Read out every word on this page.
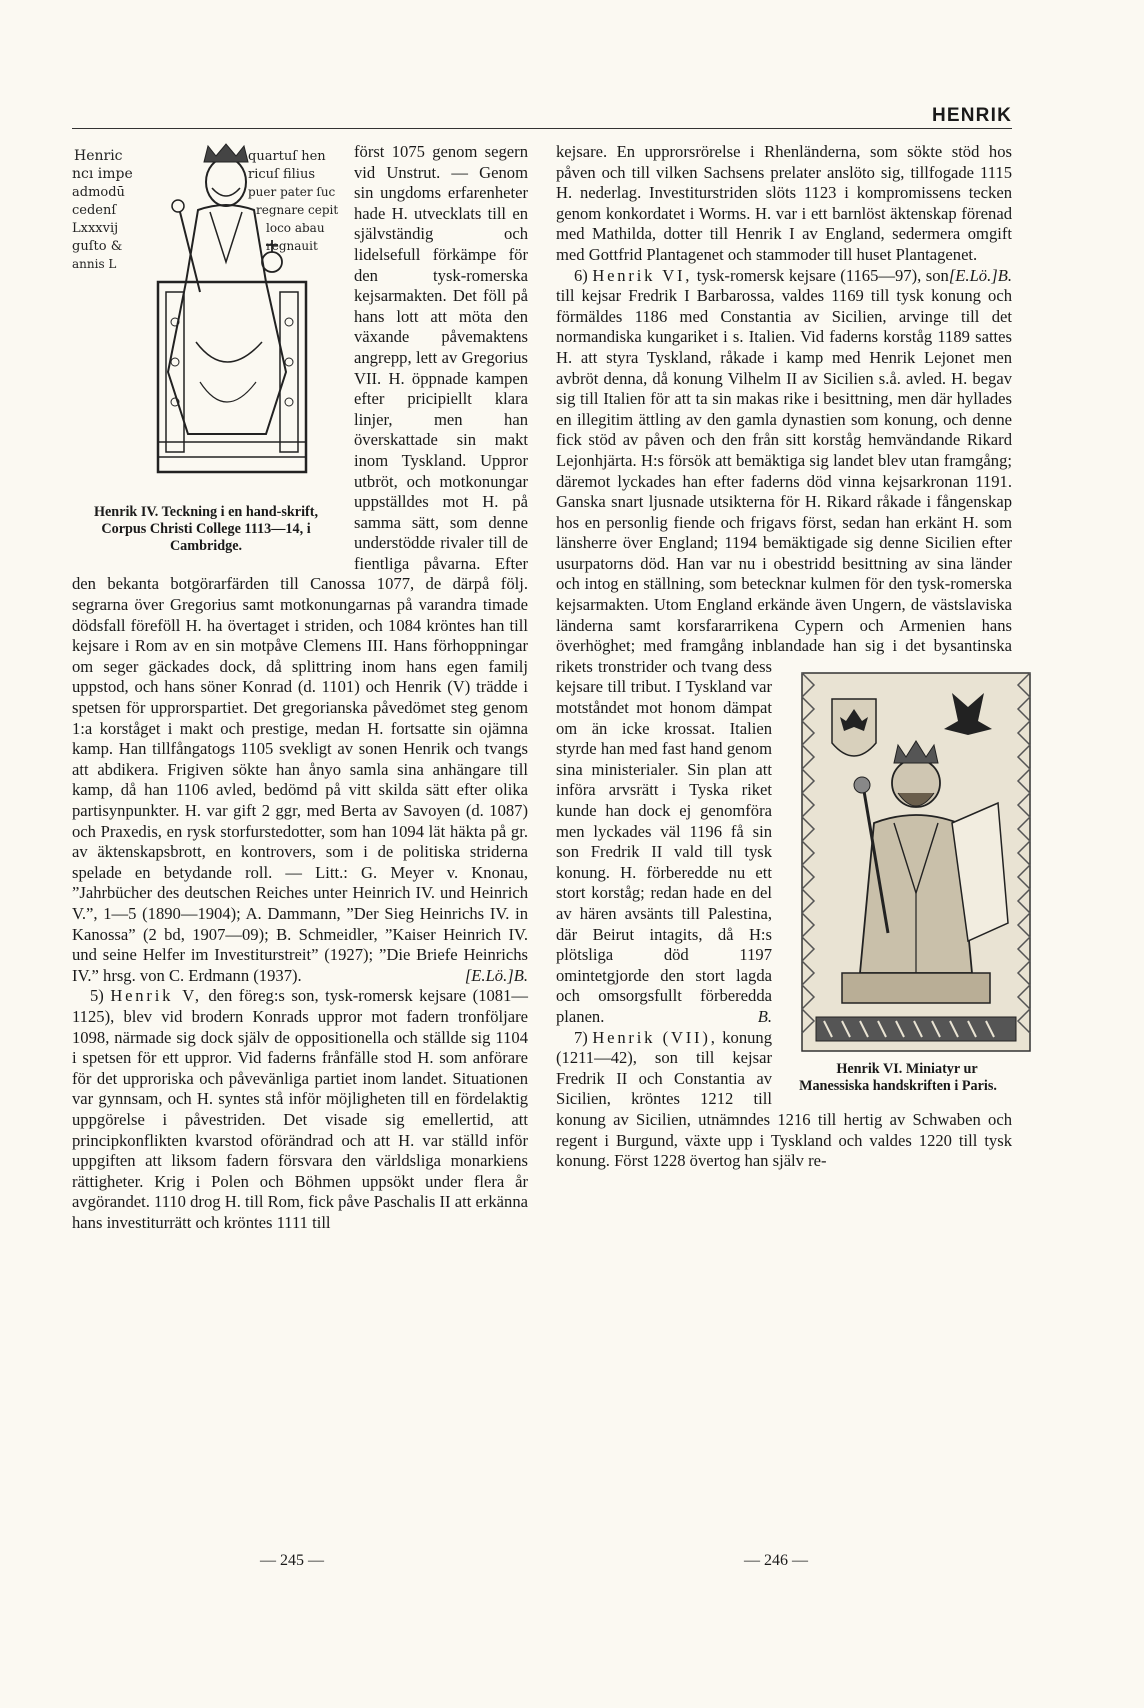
HENRIK
Henric
ncı impe
admodū
cedenſ
Lxxxvij
guſto &
annis L
quartuſ hen
ricuſ filius
puer pater ſuc
regnare cepit
loco abau
regnauit
Henrik IV. Teckning i en hand-skrift, Corpus Christi College 1113—14, i Cambridge.

först 1075 genom segern vid Unstrut. — Genom sin ungdoms erfarenheter hade H. utvecklats till en självständig och lidelsefull förkämpe för den tysk-romerska kejsarmakten. Det föll på hans lott att möta den växande påvemaktens angrepp, lett av Gregorius VII. H. öppnade kampen efter pricipiellt klara linjer, men han överskattade sin makt inom Tyskland. Uppror utbröt, och motkonungar uppställdes mot H. på samma sätt, som denne understödde rivaler till de fientliga påvarna. Efter den bekanta botgörarfärden till Canossa 1077, de därpå följ. segrarna över Gregorius samt motkonungarnas på varandra timade dödsfall föreföll H. ha övertaget i striden, och 1084 kröntes han till kejsare i Rom av en sin motpåve Clemens III. Hans förhoppningar om seger gäckades dock, då splittring inom hans egen familj uppstod, och hans söner Konrad (d. 1101) och Henrik (V) trädde i spetsen för upprorspartiet. Det gregorianska påvedömet steg genom 1:a korståget i makt och prestige, medan H. fortsatte sin ojämna kamp. Han tillfångatogs 1105 svekligt av sonen Henrik och tvangs att abdikera. Frigiven sökte han ånyo samla sina anhängare till kamp, då han 1106 avled, bedömd på vitt skilda sätt efter olika partisynpunkter. H. var gift 2 ggr, med Berta av Savoyen (d. 1087) och Praxedis, en rysk storfurstedotter, som han 1094 lät häkta på gr. av äktenskapsbrott, en kontrovers, som i de politiska striderna spelade en betydande roll. — Litt.: G. Meyer v. Knonau, ”Jahrbücher des deutschen Reiches unter Heinrich IV. und Heinrich V.”, 1—5 (1890—1904); A. Dammann, ”Der Sieg Heinrichs IV. in Kanossa” (2 bd, 1907—09); B. Schmeidler, ”Kaiser Heinrich IV. und seine Helfer im Investiturstreit” (1927); ”Die Briefe Heinrichs IV.” hrsg. von C. Erdmann (1937).	[E.Lö.]B.

5) Henrik V, den föreg:s son, tysk-romersk kejsare (1081—1125), blev vid brodern Konrads uppror mot fadern tronföljare 1098, närmade sig dock själv de oppositionella och ställde sig 1104 i spetsen för ett uppror. Vid faderns frånfälle stod H. som anförare för det upproriska och påvevänliga partiet inom landet. Situationen var gynnsam, och H. syntes stå inför möjligheten till en fördelaktig uppgörelse i påvestriden. Det visade sig emellertid, att principkonflikten kvarstod oförändrad och att H. var ställd inför uppgiften att liksom fadern försvara den världsliga monarkiens rättigheter. Krig i Polen och Böhmen uppsökt under flera år avgörandet. 1110 drog H. till Rom, fick påve Paschalis II att erkänna hans investiturrätt och kröntes 1111 till

— 245 —

kejsare. En upprorsrörelse i Rhenländerna, som sökte stöd hos påven och till vilken Sachsens prelater anslöto sig, tillfogade 1115 H. nederlag. Investiturstriden slöts 1123 i kompromissens tecken genom konkordatet i Worms. H. var i ett barnlöst äktenskap förenad med Mathilda, dotter till Henrik I av England, sedermera omgift med Gottfrid Plantagenet och stammoder till huset Plantagenet.
[E.Lö.]B.

6) Henrik VI, tysk-romersk kejsare (1165—97), son till kejsar Fredrik I Barbarossa, valdes 1169 till tysk konung och förmäldes 1186 med Constantia av Sicilien, arvinge till det normandiska kungariket i s. Italien. Vid faderns korståg 1189 sattes H. att styra Tyskland, råkade i kamp med Henrik Lejonet men avbröt denna, då konung Vilhelm II av Sicilien s.å. avled. H. begav sig till Italien för att ta sin makas rike i besittning, men där hyllades en illegitim ättling av den gamla dynastien som konung, och denne fick stöd av påven och den från sitt korståg hemvändande Rikard Lejonhjärta. H:s försök att bemäktiga sig landet blev utan framgång; däremot lyckades han efter faderns död vinna kejsarkronan 1191. Ganska snart ljusnade utsikterna för H. Rikard råkade i fångenskap hos en personlig fiende och frigavs först, sedan han erkänt H. som länsherre över England; 1194 bemäktigade sig denne Sicilien efter usurpatorns död. Han var nu i obestridd besittning av sina länder och intog en ställning, som betecknar kulmen för den tysk-romerska kejsarmakten. Utom England erkände även Ungern, de västslaviska länderna samt korsfararrikena Cypern och Armenien hans överhöghet; med framgång inblandade han
Henrik VI. Miniatyr ur Manessiska handskriften i Paris.
sig i det bysantinska rikets tronstrider och tvang dess kejsare till tribut. I Tyskland var motståndet mot honom dämpat om än icke krossat. Italien styrde han med fast hand genom sina ministerialer. Sin plan att införa arvsrätt i Tyska riket kunde han dock ej genomföra men lyckades väl 1196 få sin son Fredrik II vald till tysk konung. H. förberedde nu ett stort korståg; redan hade en del av hären avsänts till Palestina, där Beirut intagits, då H:s plötsliga död 1197 omintetgjorde den stort lagda och omsorgsfullt förberedda planen.	B.

7) Henrik (VII), konung (1211—42), son till kejsar Fredrik II och Constantia av Sicilien, kröntes 1212 till konung av Sicilien, utnämndes 1216 till hertig av Schwaben och regent i Burgund, växte upp i Tyskland och valdes 1220 till tysk konung. Först 1228 övertog han själv re-

— 246 —
